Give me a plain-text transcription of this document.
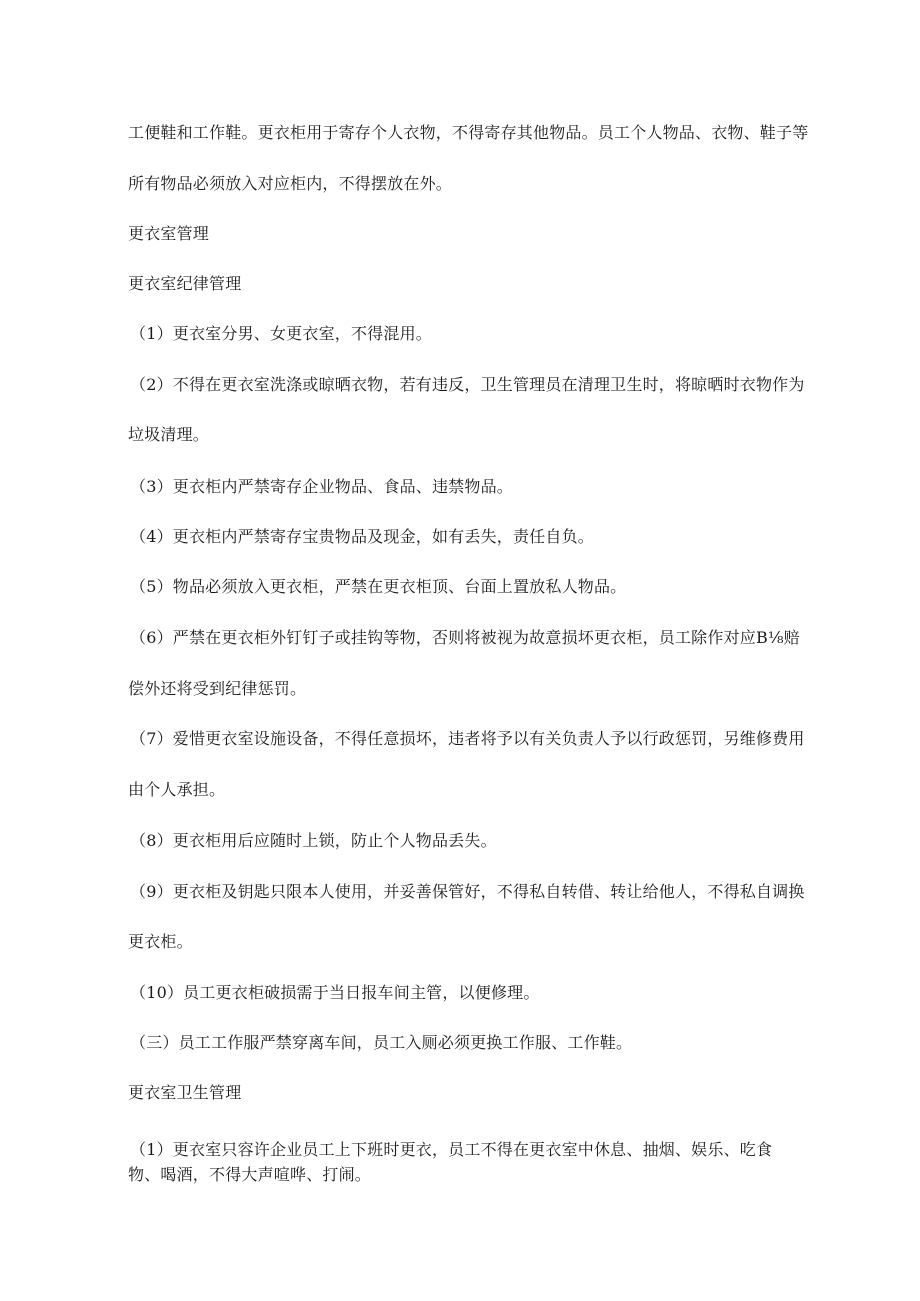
工便鞋和工作鞋。更衣柜用于寄存个人衣物，不得寄存其他物品。员工个人物品、衣物、鞋子等
所有物品必须放入对应柜内，不得摆放在外。
更衣室管理
更衣室纪律管理
（1）更衣室分男、女更衣室，不得混用。
（2）不得在更衣室洗涤或晾晒衣物，若有违反，卫生管理员在清理卫生时，将晾晒时衣物作为
垃圾清理。
（3）更衣柜内严禁寄存企业物品、食品、违禁物品。
（4）更衣柜内严禁寄存宝贵物品及现金，如有丢失，责任自负。
（5）物品必须放入更衣柜，严禁在更衣柜顶、台面上置放私人物品。
（6）严禁在更衣柜外钉钉子或挂钩等物，否则将被视为故意损坏更衣柜，员工除作对应B⅛赔
偿外还将受到纪律惩罚。
（7）爱惜更衣室设施设备，不得任意损坏，违者将予以有关负责人予以行政惩罚，另维修费用
由个人承担。
（8）更衣柜用后应随时上锁，防止个人物品丢失。
（9）更衣柜及钥匙只限本人使用，并妥善保管好，不得私自转借、转让给他人，不得私自调换
更衣柜。
（10）员工更衣柜破损需于当日报车间主管，以便修理。
（三）员工工作服严禁穿离车间，员工入厕必须更换工作服、工作鞋。
更衣室卫生管理
（1）更衣室只容许企业员工上下班时更衣，员工不得在更衣室中休息、抽烟、娱乐、吃食
物、喝酒，不得大声喧哗、打闹。
